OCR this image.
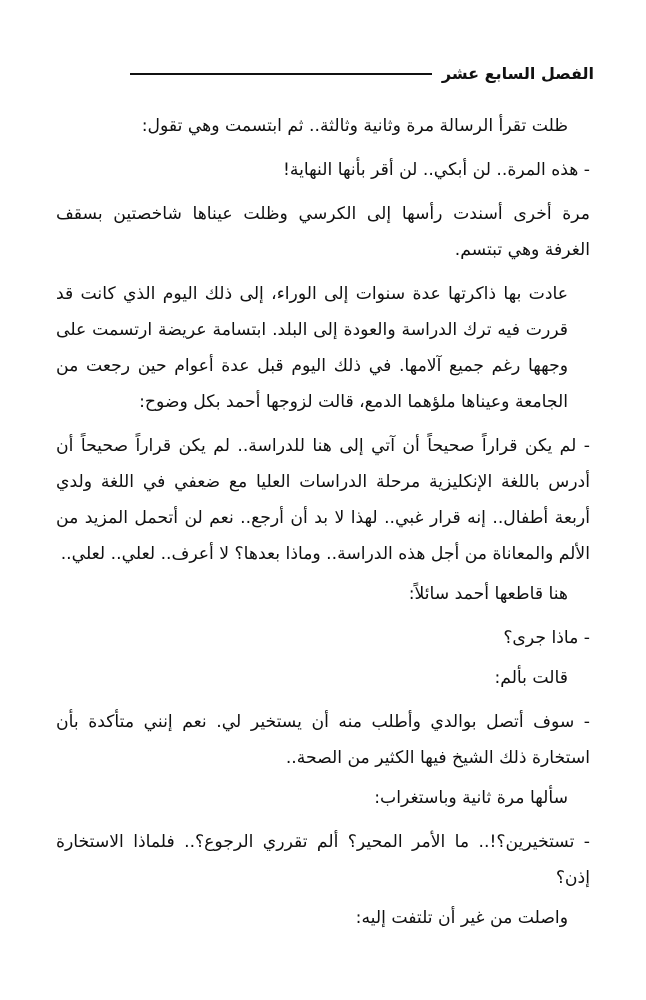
الفصل السابع عشر

ظلت تقرأ الرسالة مرة وثانية وثالثة.. ثم ابتسمت وهي تقول:

- هذه المرة.. لن أبكي.. لن أقر بأنها النهاية!

مرة أخرى أسندت رأسها إلى الكرسي وظلت عيناها شاخصتين بسقف الغرفة وهي تبتسم.

عادت بها ذاكرتها عدة سنوات إلى الوراء، إلى ذلك اليوم الذي كانت قد قررت فيه ترك الدراسة والعودة إلى البلد. ابتسامة عريضة ارتسمت على وجهها رغم جميع آلامها. في ذلك اليوم قبل عدة أعوام حين رجعت من الجامعة وعيناها ملؤهما الدمع، قالت لزوجها أحمد بكل وضوح:

- لم يكن قراراً صحيحاً أن آتي إلى هنا للدراسة.. لم يكن قراراً صحيحاً أن أدرس باللغة الإنكليزية مرحلة الدراسات العليا مع ضعفي في اللغة ولدي أربعة أطفال.. إنه قرار غبي.. لهذا لا بد أن أرجع.. نعم لن أتحمل المزيد من الألم والمعاناة من أجل هذه الدراسة.. وماذا بعدها؟ لا أعرف.. لعلي.. لعلي..

هنا قاطعها أحمد سائلاً:

- ماذا جرى؟

قالت بألم:

- سوف أتصل بوالدي وأطلب منه أن يستخير لي. نعم إنني متأكدة بأن استخارة ذلك الشيخ فيها الكثير من الصحة..

سألها مرة ثانية وباستغراب:

- تستخيرين؟!.. ما الأمر المحير؟ ألم تقرري الرجوع؟.. فلماذا الاستخارة إذن؟

واصلت من غير أن تلتفت إليه:
